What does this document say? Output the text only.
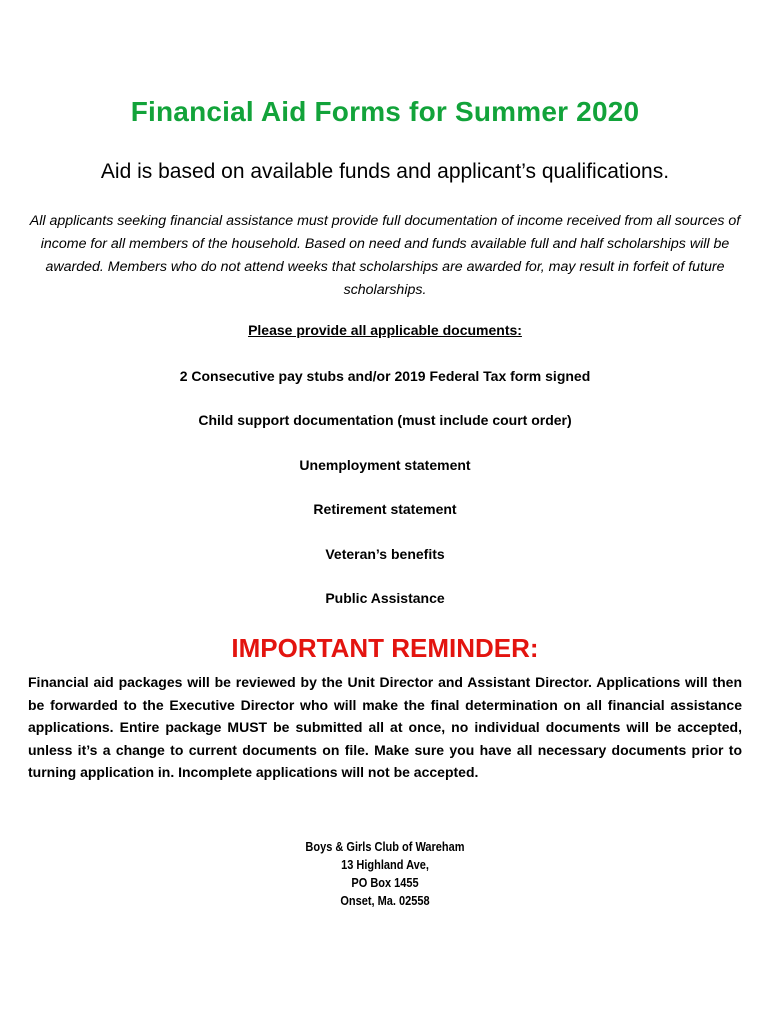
Financial Aid Forms for Summer 2020
Aid is based on available funds and applicant’s qualifications.
All applicants seeking financial assistance must provide full documentation of income received from all sources of income for all members of the household. Based on need and funds available full and half scholarships will be awarded. Members who do not attend weeks that scholarships are awarded for, may result in forfeit of future scholarships.
Please provide all applicable documents:
2 Consecutive pay stubs and/or 2019 Federal Tax form signed
Child support documentation (must include court order)
Unemployment statement
Retirement statement
Veteran’s benefits
Public Assistance
IMPORTANT REMINDER:
Financial aid packages will be reviewed by the Unit Director and Assistant Director. Applications will then be forwarded to the Executive Director who will make the final determination on all financial assistance applications. Entire package MUST be submitted all at once, no individual documents will be accepted, unless it’s a change to current documents on file. Make sure you have all necessary documents prior to turning application in. Incomplete applications will not be accepted.
Boys & Girls Club of Wareham
13 Highland Ave,
PO Box 1455
Onset, Ma. 02558
